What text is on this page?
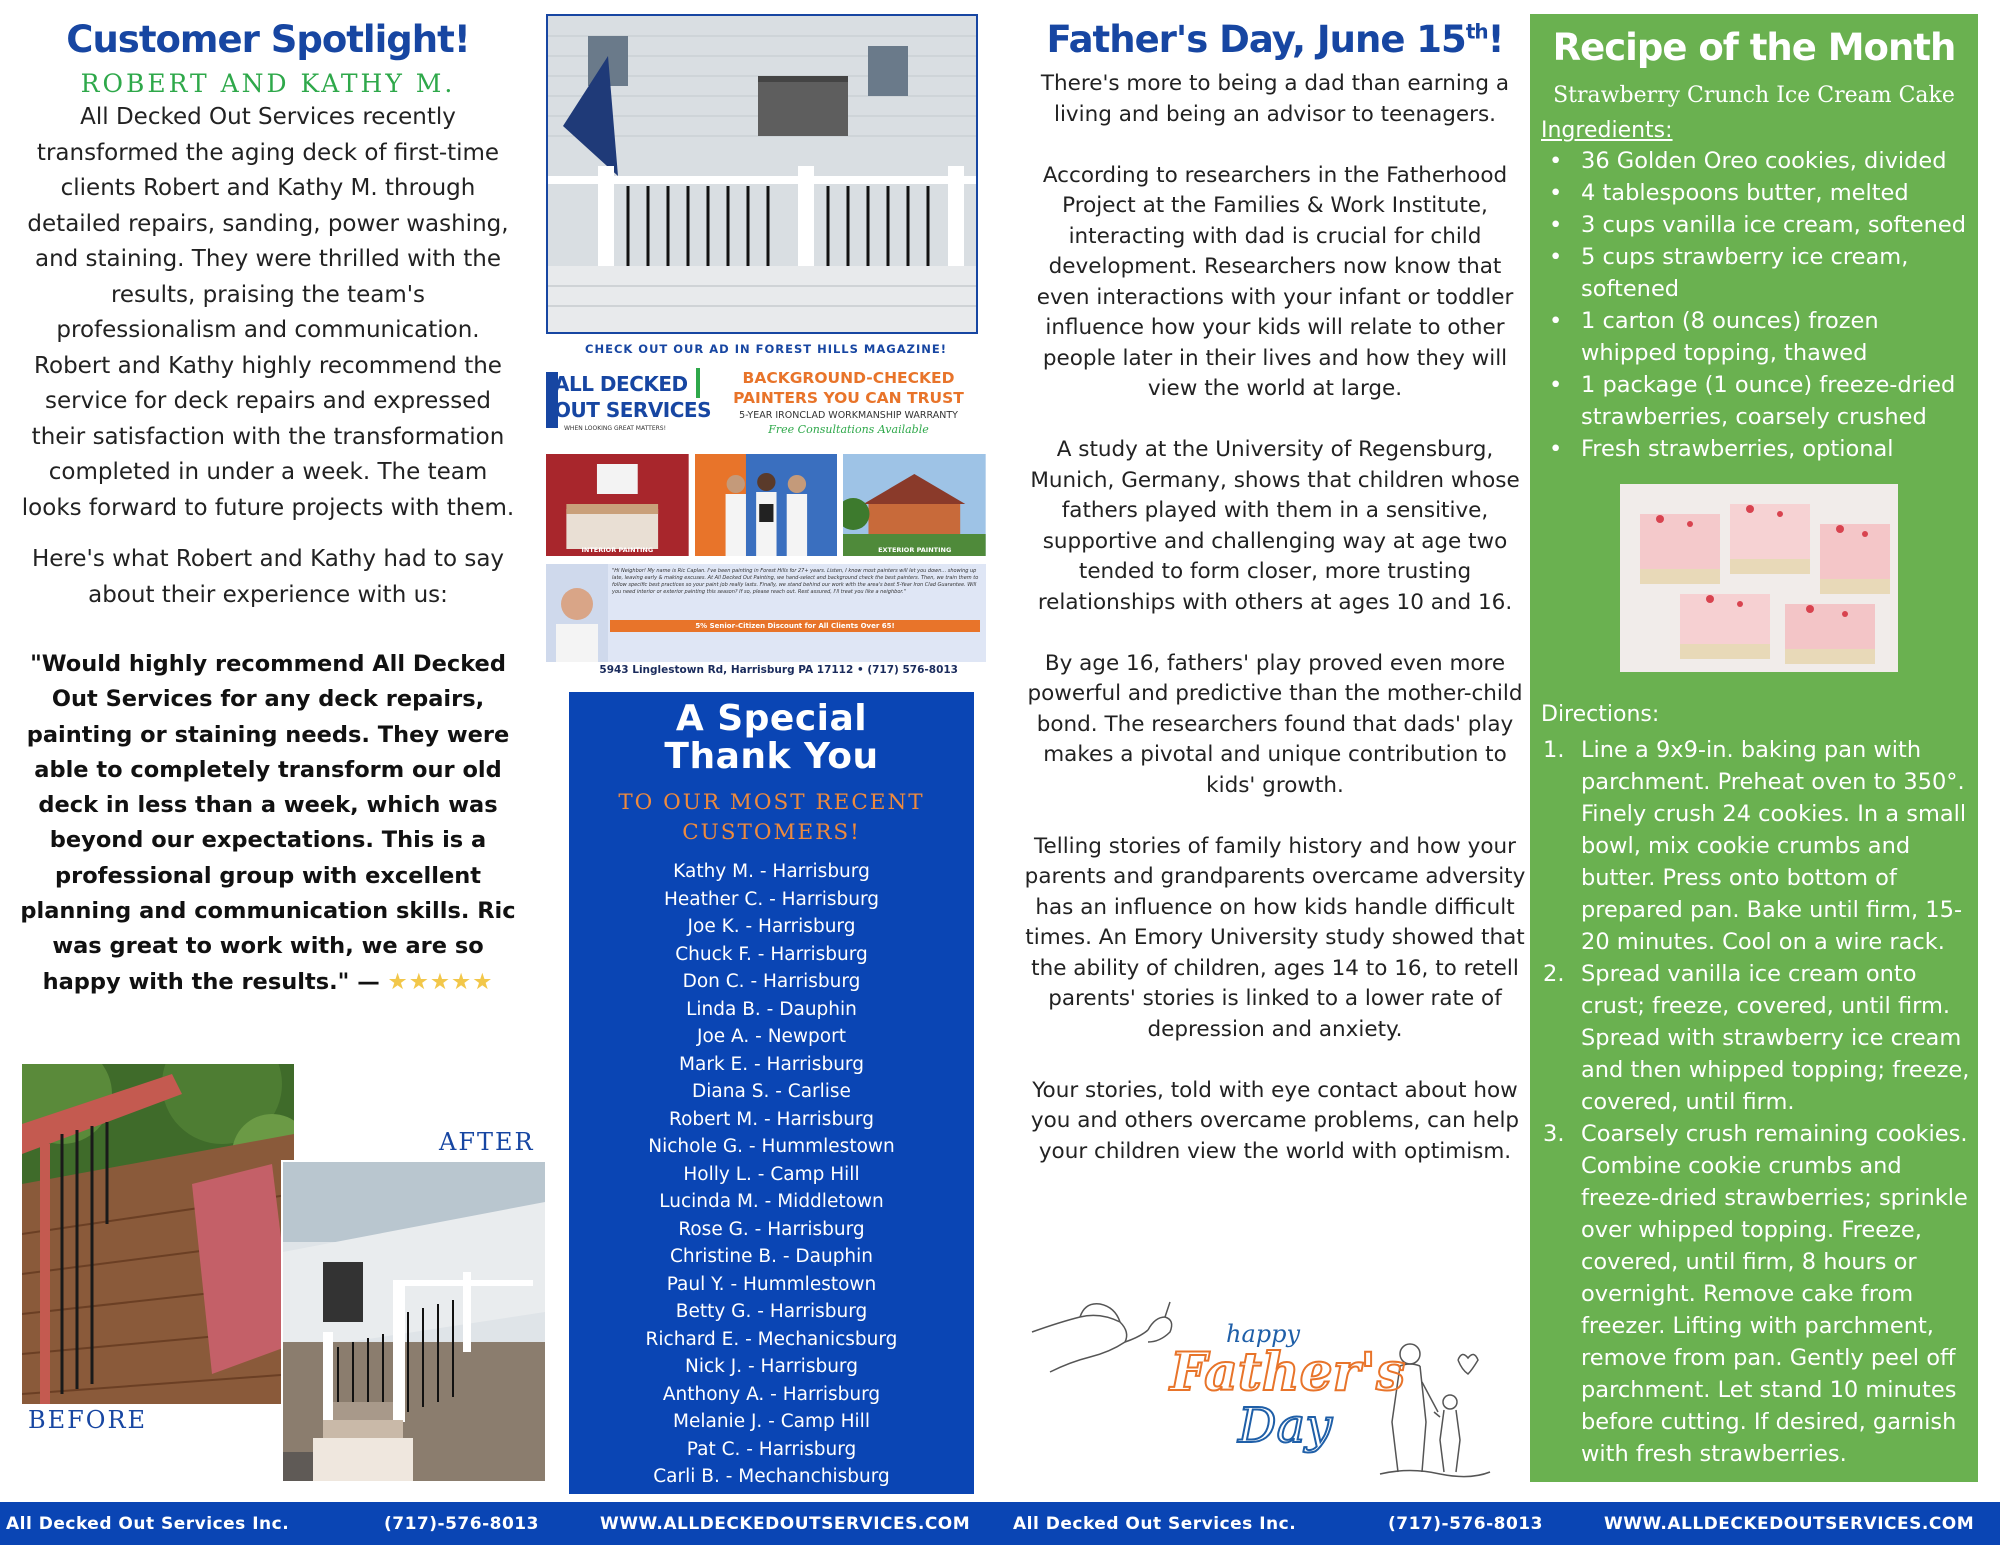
Customer Spotlight!
ROBERT AND KATHY M.

All Decked Out Services recently transformed the aging deck of first-time clients Robert and Kathy M. through detailed repairs, sanding, power washing, and staining. They were thrilled with the results, praising the team's professionalism and communication. Robert and Kathy highly recommend the service for deck repairs and expressed their satisfaction with the transformation completed in under a week. The team looks forward to future projects with them.

Here's what Robert and Kathy had to say about their experience with us:

"Would highly recommend All Decked Out Services for any deck repairs, painting or staining needs. They were able to completely transform our old deck in less than a week, which was beyond our expectations. This is a professional group with excellent planning and communication skills. Ric was great to work with, we are so happy with the results." — ★★★★★

BEFORE
AFTER
CHECK OUT OUR AD IN FOREST HILLS MAGAZINE!
ALL DECKED
OUT SERVICES
WHEN LOOKING GREAT MATTERS!
BACKGROUND-CHECKED PAINTERS YOU CAN TRUST
5-YEAR IRONCLAD WORKMANSHIP WARRANTY
Free Consultations Available
INTERIOR PAINTING	EXTERIOR PAINTING
"Hi Neighbor! My name is Ric Caplan. I've been painting in Forest Hills for 27+ years. Listen, I know most painters will let you down... showing up late, leaving early & making excuses. At All Decked Out Painting, we hand-select and background check the best painters. Then, we train them to follow specific best practices so your paint job really lasts. Finally, we stand behind our work with the area's best 5-Year Iron Clad Guarantee. Will you need interior or exterior painting this season? If so, please reach out. Rest assured, I'll treat you like a neighbor."
5% Senior-Citizen Discount for All Clients Over 65!
5943 Linglestown Rd, Harrisburg PA 17112 • (717) 576-8013
A Special
Thank You
TO OUR MOST RECENT
CUSTOMERS!
Kathy M. - Harrisburg
Heather C. - Harrisburg
Joe K. - Harrisburg
Chuck F. - Harrisburg
Don C. - Harrisburg
Linda B. - Dauphin
Joe A. - Newport
Mark E. - Harrisburg
Diana S. - Carlise
Robert M. - Harrisburg
Nichole G. - Hummlestown
Holly L. - Camp Hill
Lucinda M. - Middletown
Rose G. - Harrisburg
Christine B. - Dauphin
Paul Y. - Hummlestown
Betty G. - Harrisburg
Richard E. - Mechanicsburg
Nick J. - Harrisburg
Anthony A. - Harrisburg
Melanie J. - Camp Hill
Pat C. - Harrisburg
Carli B. - Mechanchisburg
Father's Day, June 15th!

There's more to being a dad than earning a living and being an advisor to teenagers.

According to researchers in the Fatherhood Project at the Families & Work Institute, interacting with dad is crucial for child development. Researchers now know that even interactions with your infant or toddler influence how your kids will relate to other people later in their lives and how they will view the world at large.

A study at the University of Regensburg, Munich, Germany, shows that children whose fathers played with them in a sensitive, supportive and challenging way at age two tended to form closer, more trusting relationships with others at ages 10 and 16.

By age 16, fathers' play proved even more powerful and predictive than the mother-child bond. The researchers found that dads' play makes a pivotal and unique contribution to kids' growth.

Telling stories of family history and how your parents and grandparents overcame adversity has an influence on how kids handle difficult times. An Emory University study showed that the ability of children, ages 14 to 16, to retell parents' stories is linked to a lower rate of depression and anxiety.

Your stories, told with eye contact about how you and others overcame problems, can help your children view the world with optimism.

happy
Father's
Day
Recipe of the Month
Strawberry Crunch Ice Cream Cake
Ingredients:
• 36 Golden Oreo cookies, divided
• 4 tablespoons butter, melted
• 3 cups vanilla ice cream, softened
• 5 cups strawberry ice cream, softened
• 1 carton (8 ounces) frozen whipped topping, thawed
• 1 package (1 ounce) freeze-dried strawberries, coarsely crushed
• Fresh strawberries, optional
Directions:
1. Line a 9x9-in. baking pan with parchment. Preheat oven to 350°. Finely crush 24 cookies. In a small bowl, mix cookie crumbs and butter. Press onto bottom of prepared pan. Bake until firm, 15-20 minutes. Cool on a wire rack.
2. Spread vanilla ice cream onto crust; freeze, covered, until firm. Spread with strawberry ice cream and then whipped topping; freeze, covered, until firm.
3. Coarsely crush remaining cookies. Combine cookie crumbs and freeze-dried strawberries; sprinkle over whipped topping. Freeze, covered, until firm, 8 hours or overnight. Remove cake from freezer. Lifting with parchment, remove from pan. Gently peel off parchment. Let stand 10 minutes before cutting. If desired, garnish with fresh strawberries.
All Decked Out Services Inc.	(717)-576-8013	WWW.ALLDECKEDOUTSERVICES.COM	All Decked Out Services Inc.	(717)-576-8013	WWW.ALLDECKEDOUTSERVICES.COM
